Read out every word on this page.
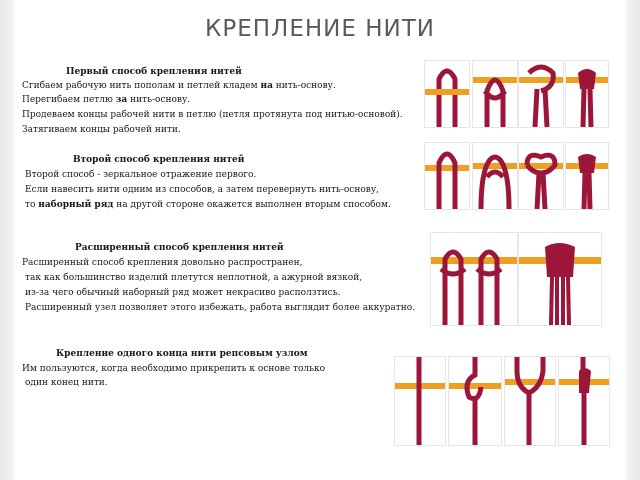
КРЕПЛЕНИЕ НИТИ
Первый способ крепления нитей
Сгибаем рабочую нить пополам и петлей кладем на нить-основу.
Перегибаем петлю за нить-основу.
Продеваем концы рабочей нити в петлю (петля протянута под нитью-основой).
Затягиваем концы рабочей нити.
Второй способ крепления нитей
Второй способ - зеркальное отражение первого.
Если навесить нити одним из способов, а затем перевернуть нить-основу,
то наборный ряд на другой стороне окажется выполнен вторым способом.
Расширенный способ крепления нитей
Расширенный способ крепления довольно распространен,
так как большинство изделий плетутся неплотной, а ажурной вязкой,
из-за чего обычный наборный ряд может некрасиво расползтись.
Расширенный узел позволяет этого избежать, работа выглядит более аккуратно.
Крепление одного конца нити репсовым узлом
Им пользуются, когда необходимо прикрепить к основе только
один конец нити.
